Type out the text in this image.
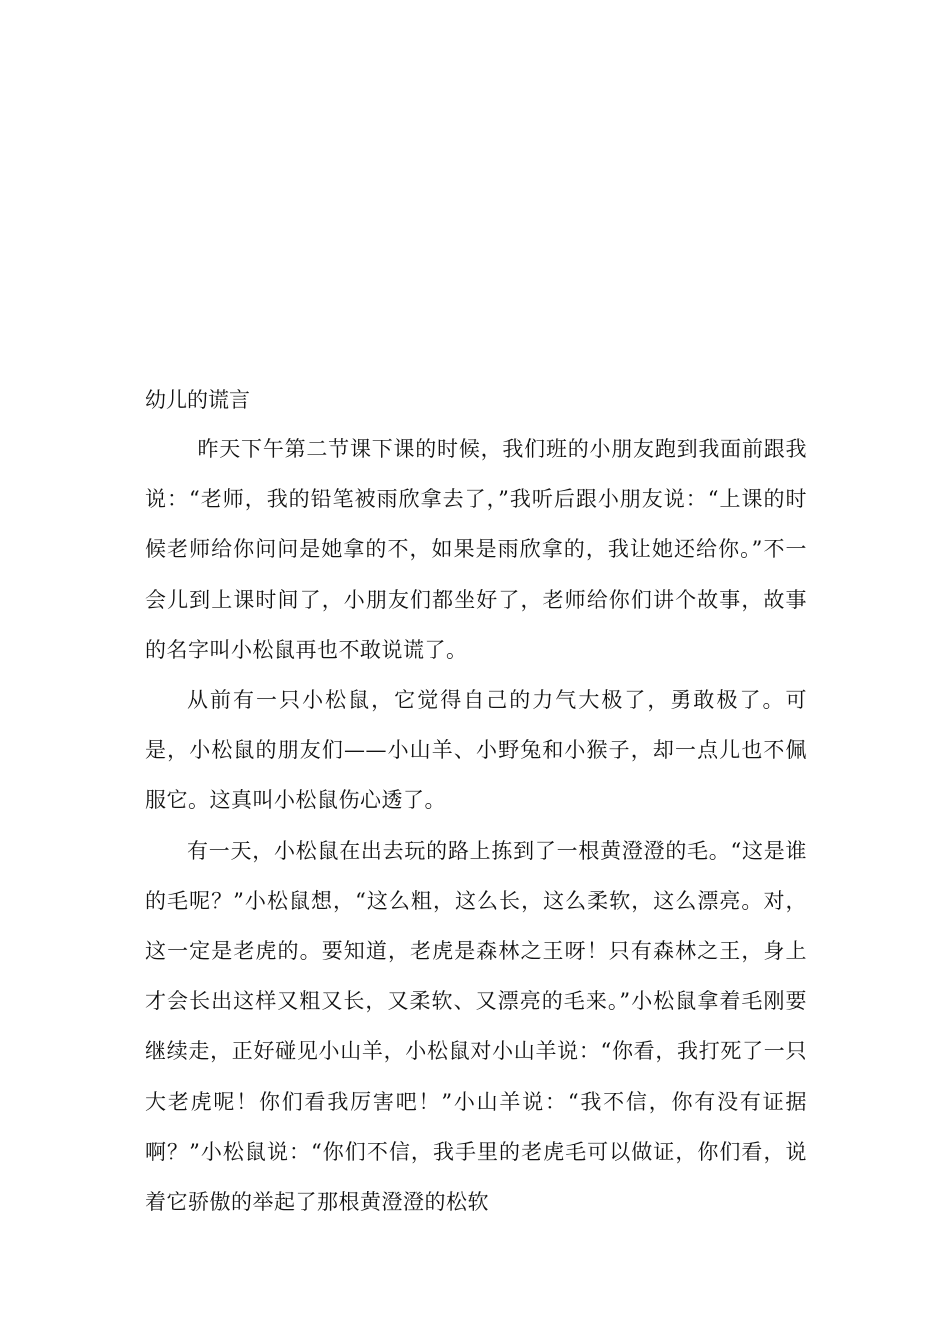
幼儿的谎言

昨天下午第二节课下课的时候，我们班的小朋友跑到我面前跟我说：“老师，我的铅笔被雨欣拿去了，”我听后跟小朋友说：“上课的时候老师给你问问是她拿的不，如果是雨欣拿的，我让她还给你。”不一会儿到上课时间了，小朋友们都坐好了，老师给你们讲个故事，故事的名字叫小松鼠再也不敢说谎了。

从前有一只小松鼠，它觉得自己的力气大极了，勇敢极了。可是，小松鼠的朋友们——小山羊、小野兔和小猴子，却一点儿也不佩服它。这真叫小松鼠伤心透了。

有一天，小松鼠在出去玩的路上拣到了一根黄澄澄的毛。“这是谁的毛呢？”小松鼠想，“这么粗，这么长，这么柔软，这么漂亮。对，这一定是老虎的。要知道，老虎是森林之王呀！只有森林之王，身上才会长出这样又粗又长，又柔软、又漂亮的毛来。”小松鼠拿着毛刚要继续走，正好碰见小山羊，小松鼠对小山羊说：“你看，我打死了一只大老虎呢！你们看我厉害吧！”小山羊说：“我不信，你有没有证据啊？”小松鼠说：“你们不信，我手里的老虎毛可以做证，你们看，说着它骄傲的举起了那根黄澄澄的松软
